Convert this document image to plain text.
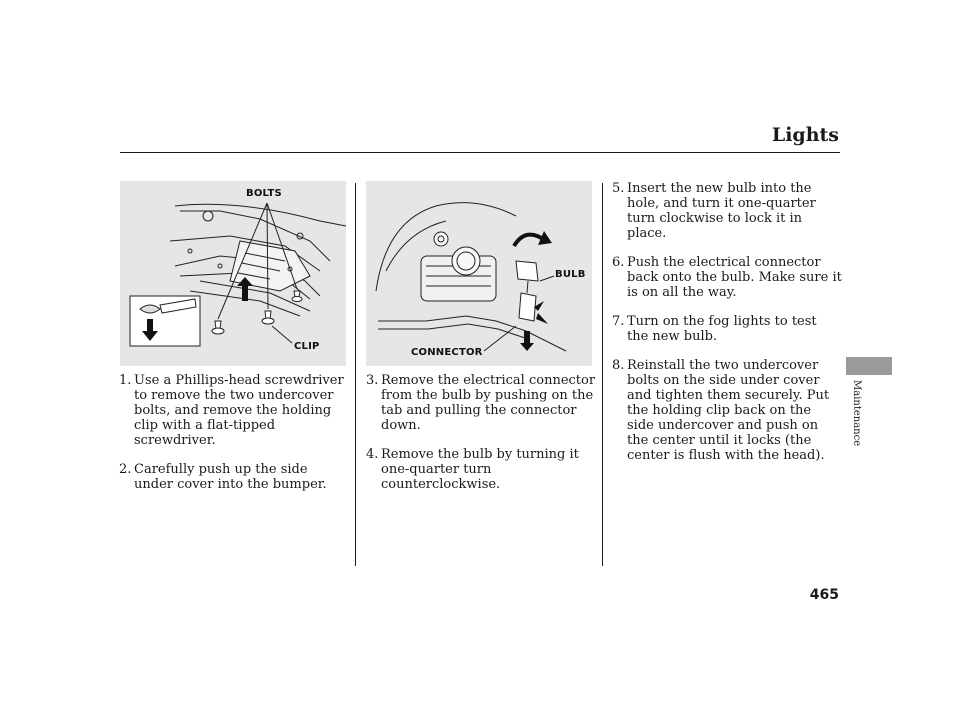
Lights
BOLTS
CLIP
BULB
CONNECTOR
1. Use a Phillips-head screwdriver to remove the two undercover bolts, and remove the holding clip with a flat-tipped screwdriver.
2. Carefully push up the side under cover into the bumper.
3. Remove the electrical connector from the bulb by pushing on the tab and pulling the connector down.
4. Remove the bulb by turning it one-quarter turn counterclockwise.
5. Insert the new bulb into the hole, and turn it one-quarter turn clockwise to lock it in place.
6. Push the electrical connector back onto the bulb. Make sure it is on all the way.
7. Turn on the fog lights to test the new bulb.
8. Reinstall the two undercover bolts on the side under cover and tighten them securely. Put the holding clip back on the side undercover and push on the center until it locks (the center is flush with the head).
Maintenance
465
